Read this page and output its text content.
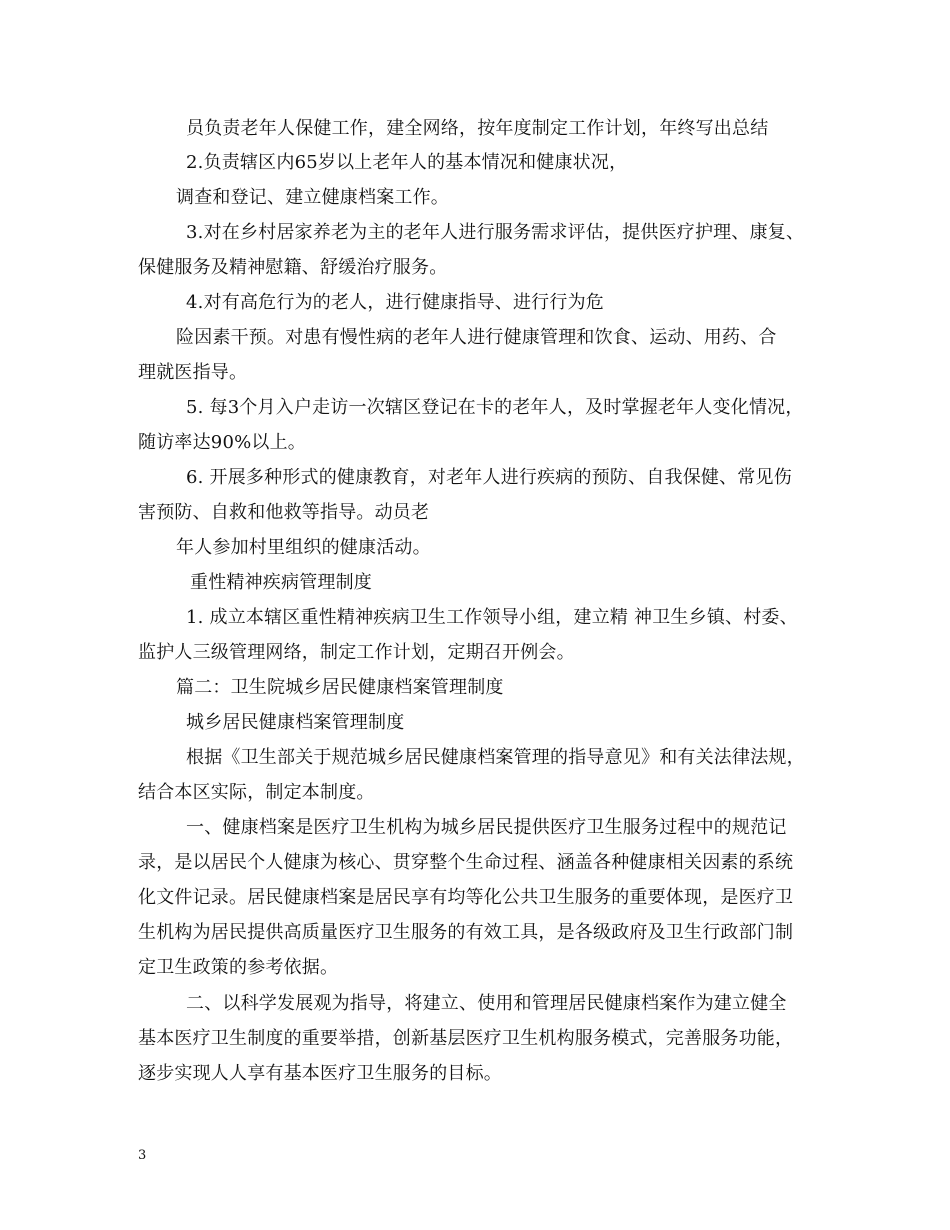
员负责老年人保健工作，建全网络，按年度制定工作计划，年终写出总结
2.负责辖区内65岁以上老年人的基本情况和健康状况，
调查和登记、建立健康档案工作。
3.对在乡村居家养老为主的老年人进行服务需求评估，提供医疗护理、康复、
保健服务及精神慰籍、舒缓治疗服务。
4.对有高危行为的老人，进行健康指导、进行行为危
险因素干预。对患有慢性病的老年人进行健康管理和饮食、运动、用药、合
理就医指导。
5. 每3个月入户走访一次辖区登记在卡的老年人，及时掌握老年人变化情况，
随访率达90%以上。
6. 开展多种形式的健康教育，对老年人进行疾病的预防、自我保健、常见伤
害预防、自救和他救等指导。动员老
年人参加村里组织的健康活动。
重性精神疾病管理制度
1. 成立本辖区重性精神疾病卫生工作领导小组，建立精 神卫生乡镇、村委、
监护人三级管理网络，制定工作计划，定期召开例会。
篇二：卫生院城乡居民健康档案管理制度
城乡居民健康档案管理制度
根据《卫生部关于规范城乡居民健康档案管理的指导意见》和有关法律法规，
结合本区实际，制定本制度。
一、健康档案是医疗卫生机构为城乡居民提供医疗卫生服务过程中的规范记
录，是以居民个人健康为核心、贯穿整个生命过程、涵盖各种健康相关因素的系统
化文件记录。居民健康档案是居民享有均等化公共卫生服务的重要体现，是医疗卫
生机构为居民提供高质量医疗卫生服务的有效工具，是各级政府及卫生行政部门制
定卫生政策的参考依据。
二、以科学发展观为指导，将建立、使用和管理居民健康档案作为建立健全
基本医疗卫生制度的重要举措，创新基层医疗卫生机构服务模式，完善服务功能，
逐步实现人人享有基本医疗卫生服务的目标。
3
